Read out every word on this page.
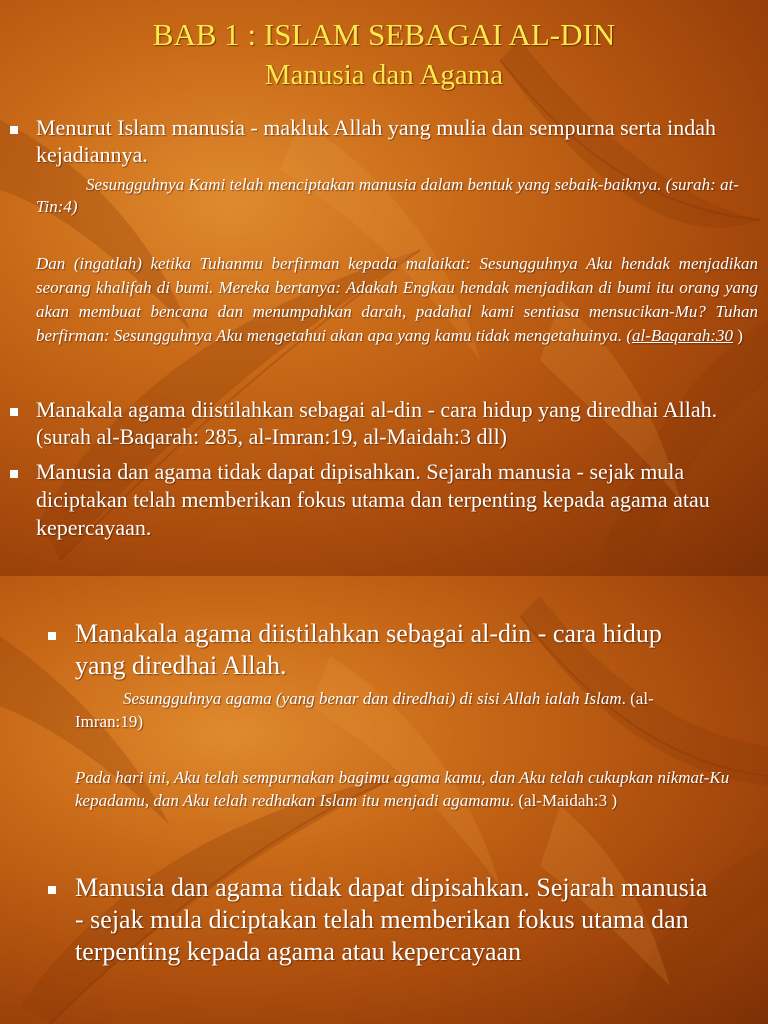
BAB 1 : ISLAM SEBAGAI AL-DIN
Manusia dan Agama
Menurut Islam manusia - makluk Allah yang mulia dan sempurna serta indah kejadiannya.
Sesungguhnya Kami telah menciptakan manusia dalam bentuk yang sebaik-baiknya. (surah: at-Tin:4)
Dan (ingatlah) ketika Tuhanmu berfirman kepada malaikat: Sesungguhnya Aku hendak menjadikan seorang khalifah di bumi. Mereka bertanya: Adakah Engkau hendak menjadikan di bumi itu orang yang akan membuat bencana dan menumpahkan darah, padahal kami sentiasa mensucikan-Mu? Tuhan berfirman: Sesungguhnya Aku mengetahui akan apa yang kamu tidak mengetahuinya. (al-Baqarah:30 )
Manakala agama diistilahkan sebagai al-din - cara hidup yang diredhai Allah. (surah al-Baqarah: 285, al-Imran:19, al-Maidah:3 dll)
Manusia dan agama tidak dapat dipisahkan. Sejarah manusia - sejak mula diciptakan telah memberikan fokus utama dan terpenting kepada agama atau kepercayaan.
Manakala agama diistilahkan sebagai al-din - cara hidup yang diredhai Allah.
Sesungguhnya agama (yang benar dan diredhai) di sisi Allah ialah Islam. (al-Imran:19)
Pada hari ini, Aku telah sempurnakan bagimu agama kamu, dan Aku telah cukupkan nikmat-Ku kepadamu, dan Aku telah redhakan Islam itu menjadi agamamu. (al-Maidah:3 )
Manusia dan agama tidak dapat dipisahkan. Sejarah manusia - sejak mula diciptakan telah memberikan fokus utama dan terpenting kepada agama atau kepercayaan
